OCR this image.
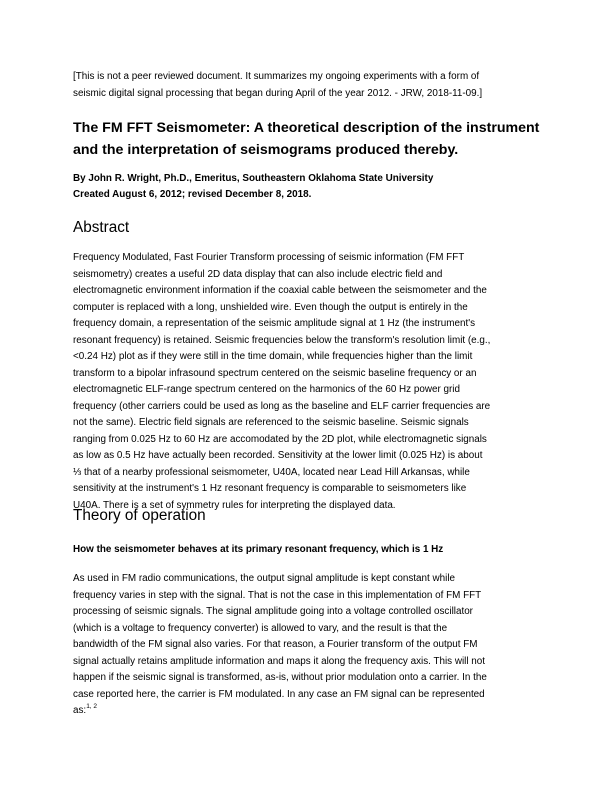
[This is not a peer reviewed document. It summarizes my ongoing experiments with a form of
seismic digital signal processing that began during April of the year 2012. - JRW, 2018-11-09.]
The FM FFT Seismometer: A theoretical description of the instrument
and the interpretation of seismograms produced thereby.
By John R. Wright, Ph.D., Emeritus, Southeastern Oklahoma State University
Created August 6, 2012; revised December 8, 2018.
Abstract
Frequency Modulated, Fast Fourier Transform processing of seismic information (FM FFT
seismometry) creates a useful 2D data display that can also include electric field and
electromagnetic environment information if the coaxial cable between the seismometer and the
computer is replaced with a long, unshielded wire. Even though the output is entirely in the
frequency domain, a representation of the seismic amplitude signal at 1 Hz (the instrument's
resonant frequency) is retained. Seismic frequencies below the transform's resolution limit (e.g.,
<0.24 Hz) plot as if they were still in the time domain, while frequencies higher than the limit
transform to a bipolar infrasound spectrum centered on the seismic baseline frequency or an
electromagnetic ELF-range spectrum centered on the harmonics of the 60 Hz power grid
frequency (other carriers could be used as long as the baseline and ELF carrier frequencies are
not the same). Electric field signals are referenced to the seismic baseline. Seismic signals
ranging from 0.025 Hz to 60 Hz are accomodated by the 2D plot, while electromagnetic signals
as low as 0.5 Hz have actually been recorded. Sensitivity at the lower limit (0.025 Hz) is about
⅓ that of a nearby professional seismometer, U40A, located near Lead Hill Arkansas, while
sensitivity at the instrument's 1 Hz resonant frequency is comparable to seismometers like
U40A. There is a set of symmetry rules for interpreting the displayed data.
Theory of operation
How the seismometer behaves at its primary resonant frequency, which is 1 Hz
As used in FM radio communications, the output signal amplitude is kept constant while
frequency varies in step with the signal. That is not the case in this implementation of FM FFT
processing of seismic signals. The signal amplitude going into a voltage controlled oscillator
(which is a voltage to frequency converter) is allowed to vary, and the result is that the
bandwidth of the FM signal also varies. For that reason, a Fourier transform of the output FM
signal actually retains amplitude information and maps it along the frequency axis. This will not
happen if the seismic signal is transformed, as-is, without prior modulation onto a carrier. In the
case reported here, the carrier is FM modulated. In any case an FM signal can be represented
as:$^{1, 2}$
